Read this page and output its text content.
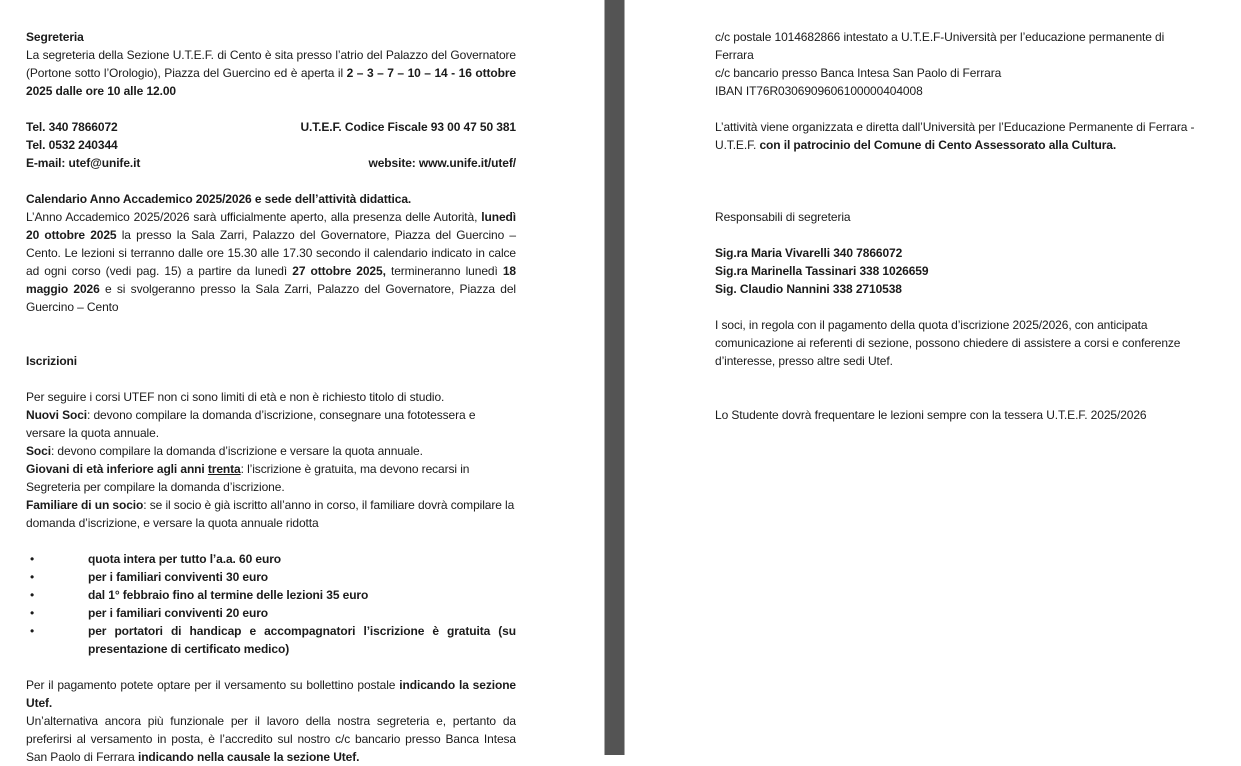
Segreteria
La segreteria della Sezione U.T.E.F. di Cento è sita presso l’atrio del Palazzo del Governatore (Portone sotto l’Orologio), Piazza del Guercino ed è aperta il 2 – 3 – 7 – 10 – 14 - 16 ottobre 2025 dalle ore 10 alle 12.00
Tel. 340 7866072	U.T.E.F. Codice Fiscale 93 00 47 50 381
Tel. 0532 240344
E-mail: utef@unife.it	website: www.unife.it/utef/
Calendario Anno Accademico 2025/2026 e sede dell’attività didattica.
L’Anno Accademico 2025/2026 sarà ufficialmente aperto, alla presenza delle Autorità, lunedì 20 ottobre 2025 la presso la Sala Zarri, Palazzo del Governatore, Piazza del Guercino – Cento. Le lezioni si terranno dalle ore 15.30 alle 17.30 secondo il calendario indicato in calce ad ogni corso (vedi pag. 15) a partire da lunedì 27 ottobre 2025, termineranno lunedì 18 maggio 2026 e si svolgeranno presso la Sala Zarri, Palazzo del Governatore, Piazza del Guercino – Cento
Iscrizioni
Per seguire i corsi UTEF non ci sono limiti di età e non è richiesto titolo di studio.
Nuovi Soci: devono compilare la domanda d’iscrizione, consegnare una fototessera e versare la quota annuale.
Soci: devono compilare la domanda d’iscrizione e versare la quota annuale.
Giovani di età inferiore agli anni trenta: l’iscrizione è gratuita, ma devono recarsi in Segreteria per compilare la domanda d’iscrizione.
Familiare di un socio: se il socio è già iscritto all’anno in corso, il familiare dovrà compilare la domanda d’iscrizione, e versare la quota annuale ridotta
•	quota intera per tutto l’a.a. 60 euro
•	per i familiari conviventi 30 euro
•	dal 1° febbraio fino al termine delle lezioni 35 euro
•	per i familiari conviventi 20 euro
•	per portatori di handicap e accompagnatori l’iscrizione è gratuita (su presentazione di certificato medico)
Per il pagamento potete optare per il versamento su bollettino postale indicando la sezione Utef.
Un’alternativa ancora più funzionale per il lavoro della nostra segreteria e, pertanto da preferirsi al versamento in posta, è l’accredito sul nostro c/c bancario presso Banca Intesa San Paolo di Ferrara indicando nella causale la sezione Utef.
c/c postale 1014682866 intestato a U.T.E.F-Università per l’educazione permanente di Ferrara
c/c bancario presso Banca Intesa San Paolo di Ferrara
IBAN IT76R0306909606100000404008
L’attività viene organizzata e diretta dall’Università per l’Educazione Permanente di Ferrara - U.T.E.F. con il patrocinio del Comune di Cento Assessorato alla Cultura.
Responsabili di segreteria
Sig.ra Maria Vivarelli 340 7866072
Sig.ra Marinella Tassinari 338 1026659
Sig. Claudio Nannini 338 2710538
I soci, in regola con il pagamento della quota d’iscrizione 2025/2026, con anticipata comunicazione ai referenti di sezione, possono chiedere di assistere a corsi e conferenze d’interesse, presso altre sedi Utef.
Lo Studente dovrà frequentare le lezioni sempre con la tessera U.T.E.F. 2025/2026
